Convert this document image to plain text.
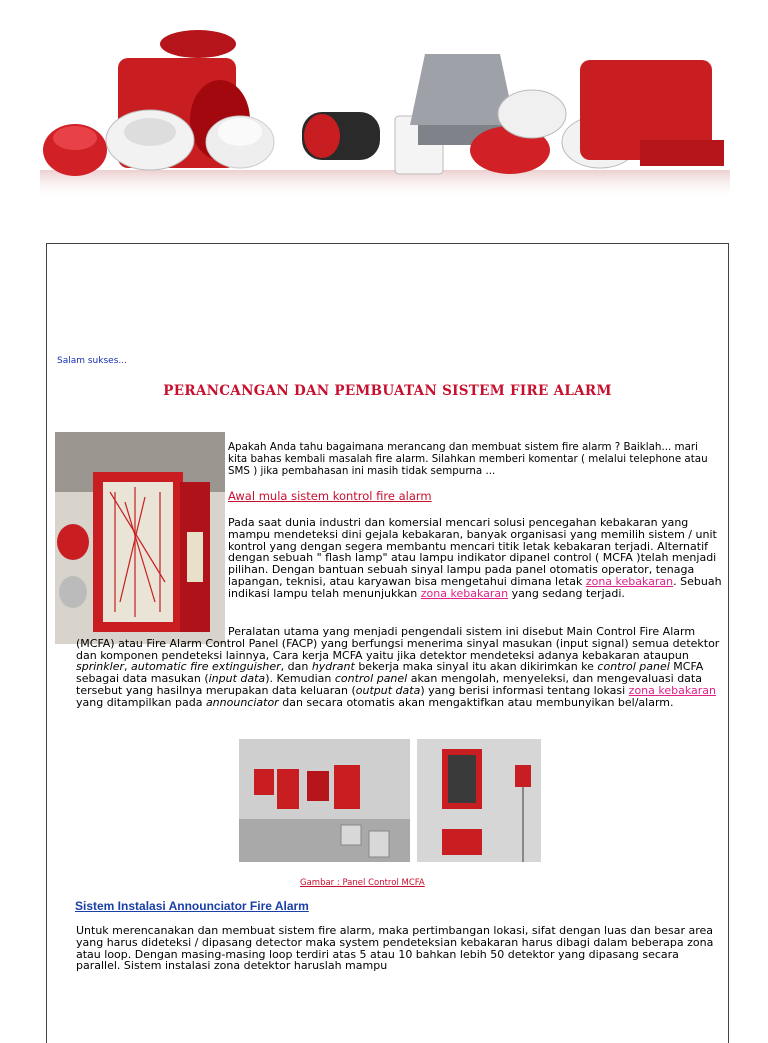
Salam sukses...
PERANCANGAN DAN PEMBUATAN SISTEM FIRE ALARM

Apakah Anda tahu bagaimana merancang dan membuat sistem fire alarm ? Baiklah... mari kita bahas kembali masalah fire alarm. Silahkan memberi komentar ( melalui telephone atau SMS ) jika pembahasan ini masih tidak sempurna ...

Awal mula sistem kontrol fire alarm

Pada saat dunia industri dan komersial mencari solusi pencegahan kebakaran yang mampu mendeteksi dini gejala kebakaran, banyak organisasi yang memilih sistem / unit kontrol yang dengan segera membantu mencari titik letak kebakaran terjadi. Alternatif dengan sebuah " flash lamp" atau lampu indikator dipanel control ( MCFA )telah menjadi pilihan. Dengan bantuan sebuah sinyal lampu pada panel otomatis operator, tenaga lapangan, teknisi, atau karyawan bisa mengetahui dimana letak zona kebakaran. Sebuah indikasi lampu telah menunjukkan zona kebakaran yang sedang terjadi.

Peralatan utama yang menjadi pengendali sistem ini disebut Main Control Fire Alarm (MCFA) atau Fire Alarm Control Panel (FACP) yang berfungsi menerima sinyal masukan (input signal) semua detektor dan komponen pendeteksi lainnya, Cara kerja MCFA yaitu jika detektor mendeteksi adanya kebakaran ataupun sprinkler, automatic fire extinguisher, dan hydrant bekerja maka sinyal itu akan dikirimkan ke control panel MCFA sebagai data masukan (input data). Kemudian control panel akan mengolah, menyeleksi, dan mengevaluasi data tersebut yang hasilnya merupakan data keluaran (output data) yang berisi informasi tentang lokasi zona kebakaran yang ditampilkan pada announciator dan secara otomatis akan mengaktifkan atau membunyikan bel/alarm.

Gambar : Panel Control MCFA
Sistem Instalasi Announciator Fire Alarm

Untuk merencanakan dan membuat sistem fire alarm, maka pertimbangan lokasi, sifat dengan luas dan besar area yang harus dideteksi / dipasang detector maka system pendeteksian kebakaran harus dibagi dalam beberapa zona atau loop. Dengan masing-masing loop terdiri atas 5 atau 10 bahkan lebih 50 detektor yang dipasang secara parallel. Sistem instalasi zona detektor haruslah mampu
